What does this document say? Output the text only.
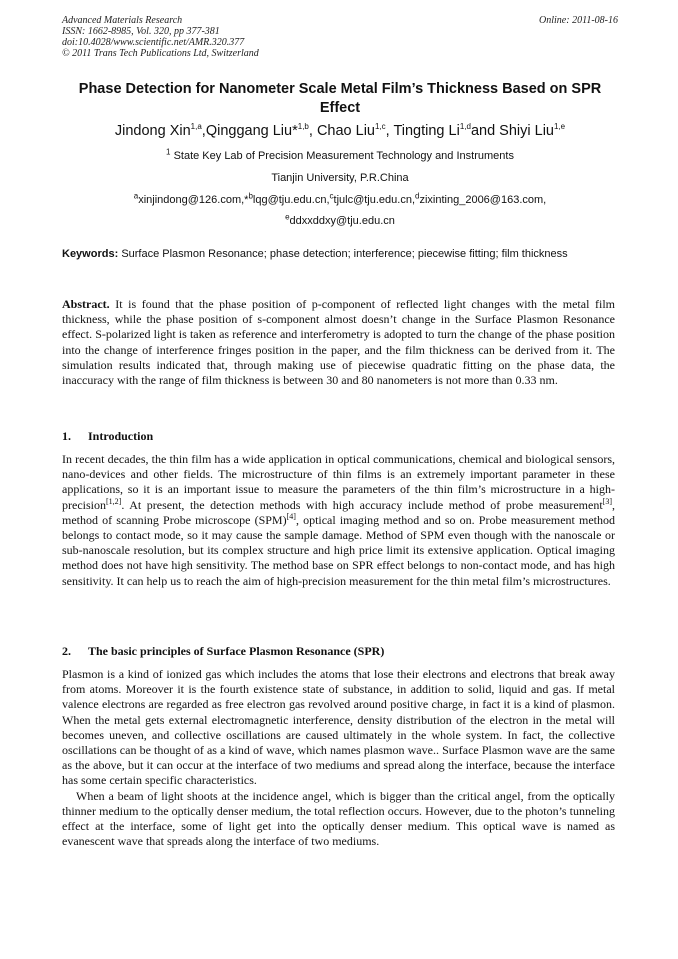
Advanced Materials Research
ISSN: 1662-8985, Vol. 320, pp 377-381
doi:10.4028/www.scientific.net/AMR.320.377
© 2011 Trans Tech Publications Ltd, Switzerland
Online: 2011-08-16
Phase Detection for Nanometer Scale Metal Film’s Thickness Based on SPR Effect
Jindong Xin$^{1,a}$,Qinggang Liu*$^{1,b}$, Chao Liu$^{1,c}$, Tingting Li$^{1,d}$and Shiyi Liu$^{1,e}$
$^1$ State Key Lab of Precision Measurement Technology and Instruments
Tianjin University, P.R.China
$^a$xinjindong@126.com,*$^b$lqg@tju.edu.cn,$^c$tjulc@tju.edu.cn,$^d$zixinting_2006@163.com,
$^e$ddxxddxy@tju.edu.cn
Keywords: Surface Plasmon Resonance; phase detection; interference; piecewise fitting; film thickness

Abstract. It is found that the phase position of p-component of reflected light changes with the metal film thickness, while the phase position of s-component almost doesn’t change in the Surface Plasmon Resonance effect. S-polarized light is taken as reference and interferometry is adopted to turn the change of the phase position into the change of interference fringes position in the paper, and the film thickness can be derived from it. The simulation results indicated that, through making use of piecewise quadratic fitting on the phase data, the inaccuracy with the range of film thickness is between 30 and 80 nanometers is not more than 0.33 nm.

1. Introduction

In recent decades, the thin film has a wide application in optical communications, chemical and biological sensors, nano-devices and other fields. The microstructure of thin films is an extremely important parameter in these applications, so it is an important issue to measure the parameters of the thin film’s microstructure in a high-precision[1,2]. At present, the detection methods with high accuracy include method of probe measurement[3], method of scanning Probe microscope (SPM)[4], optical imaging method and so on. Probe measurement method belongs to contact mode, so it may cause the sample damage. Method of SPM even though with the nanoscale or sub-nanoscale resolution, but its complex structure and high price limit its extensive application. Optical imaging method does not have high sensitivity. The method base on SPR effect belongs to non-contact mode, and has high sensitivity. It can help us to reach the aim of high-precision measurement for the thin metal film’s microstructures.

2. The basic principles of Surface Plasmon Resonance (SPR)

Plasmon is a kind of ionized gas which includes the atoms that lose their electrons and electrons that break away from atoms. Moreover it is the fourth existence state of substance, in addition to solid, liquid and gas. If metal valence electrons are regarded as free electron gas revolved around positive charge, in fact it is a kind of plasmon. When the metal gets external electromagnetic interference, density distribution of the electron in the metal will becomes uneven, and collective oscillations are caused ultimately in the whole system. In fact, the collective oscillations can be thought of as a kind of wave, which names plasmon wave.. Surface Plasmon wave are the same as the above, but it can occur at the interface of two mediums and spread along the interface, because the interface has some certain specific characteristics.

When a beam of light shoots at the incidence angel, which is bigger than the critical angel, from the optically thinner medium to the optically denser medium, the total reflection occurs. However, due to the photon’s tunneling effect at the interface, some of light get into the optically denser medium. This optical wave is named as evanescent wave that spreads along the interface of two mediums.
